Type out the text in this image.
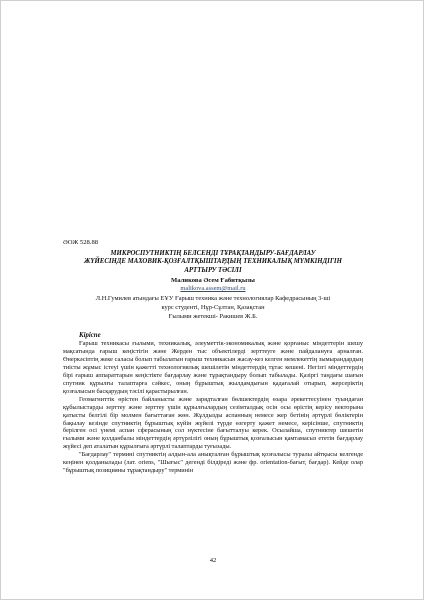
ӘОЖ 528.88
МИКРОСПУТНИКТІҢ БЕЛСЕНДІ ТҰРАҚТАНДЫРУ-БАҒДАРЛАУ
ЖҮЙЕСІНДЕ МАХОВИК-ҚОЗҒАЛТҚЫШТАРДЫҢ ТЕХНИКАЛЫҚ МҮМКІНДІГІН
АРТТЫРУ ТӘСІЛІ
Маликова Әсем Ғабитқызы
malikova.assem@mail.ru
Л.Н.Гумилев атындағы ЕҰУ Ғарыш техника және технологиялар Кафедрасының 3-ші
курс студенті, Нұр-Сұлтан, Қазақстан
Ғылыми жетекші- Ракишев Ж.Б.
Кіріспе

Ғарыш техникасы ғылыми, техникалық, әлеуметтік-экономикалық және қорғаныс міндеттерін шешу мақсатында ғарыш кеңістігін және Жерден тыс объектілерді зерттеуге және пайдалануға арналған. Өнеркәсіптің жеке саласы болып табылатын ғарыш техникасын жасау-кез келген мемлекеттің зымырандардың тиісты жұмыс істеуі үшін қажетті технологиялық шешілетін міндеттердің тұтас кешені. Негізгі міндеттердің бірі ғарыш аппараттарын кеңістікте бағдарлау және тұрақтандыру болып табылады. Қазіргі таңдағы шағын спутник құрылғы талаптарға сәйкес, оның бұрыштық жылдамдығын қадағалай отырып, жерсеріктің қозғалысын басқарудың тәсілі қарастырылған.

Геомагниттік өрістен байланысты және зарядталған бөлшектердің өзара әрекеттесуінен туындаған құбылыстарды зерттеу және зерттеу үшін құрылғылардың сезімталдық осін осы өрістің керісу векторына қатысты белгілі бір молмен бағыттаған жөн. Жұлдызды аспанның немесе жер бетінің әртүрлі бөліктерін бақылау кезінде спутниктің бұрыштық күйін жүйелі түрде өзгерту қажет немесе, керісінше, спутниктің берілген осі үнемі аспан сфераcының сол нүктесіне бағытталуы керек. Осылайша, спутниктер шешетін ғылыми және қолданбалы міндеттердің әртүрлілігі оның бұрыштық қозғалысын қамтамасыз ететін бағдарлау жүйесі деп аталатын құрылғыға әртүрлі талаптарды туғызады.

"Бағдарлау" термині спутниктің алдын-ала анықталған бұрыштық қозғалысы туралы айтқысы келгенде кеңінен қолданылады (лат. oriens, "Шығыс" дегенді білдіреді және фр. orientation-бағыт, бағдар). Кейде олар "бұрыштық позицияны тұрақтандыру" терминін

42
